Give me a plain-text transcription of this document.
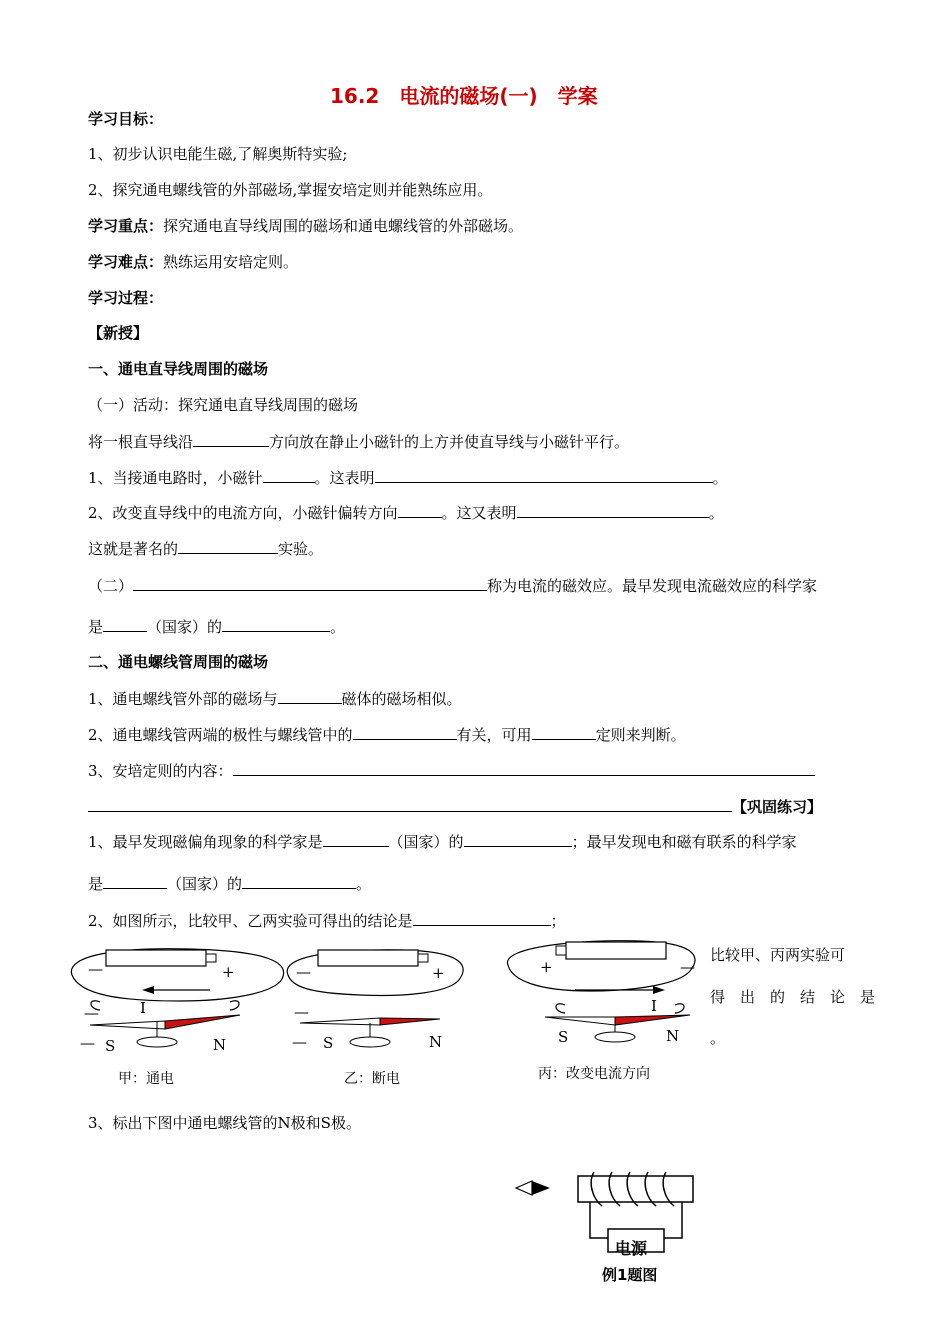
16.2　电流的磁场(一)　学案
学习目标：
1、初步认识电能生磁,了解奥斯特实验;
2、探究通电螺线管的外部磁场,掌握安培定则并能熟练应用。
学习重点：探究通电直导线周围的磁场和通电螺线管的外部磁场。
学习难点：熟练运用安培定则。
学习过程：
【新授】
一、通电直导线周围的磁场
（一）活动：探究通电直导线周围的磁场
将一根直导线沿	方向放在静止小磁针的上方并使直导线与小磁针平行。
1、当接通电路时，小磁针	。这表明	。
2、改变直导线中的电流方向，小磁针偏转方向	。这又表明	。
这就是著名的	实验。
（二）	称为电流的磁效应。最早发现电流磁效应的科学家
是	（国家）的	。
二、通电螺线管周围的磁场
1、通电螺线管外部的磁场与	磁体的磁场相似。
2、通电螺线管两端的极性与螺线管中的	有关，可用	定则来判断。
3、安培定则的内容：
【巩固练习】
1、最早发现磁偏角现象的科学家是	（国家）的	；最早发现电和磁有联系的科学家
是	（国家）的	。
2、如图所示，比较甲、乙两实验可得出的结论是	；
比较甲、丙两实验可
得　出　的　结　论　是
。
—	+
—	I
— S	N
甲：通电
—	+
—
— S	N
乙：断电
+	—
I
S	N
丙：改变电流方向
3、标出下图中通电螺线管的N极和S极。
电源
例1题图
